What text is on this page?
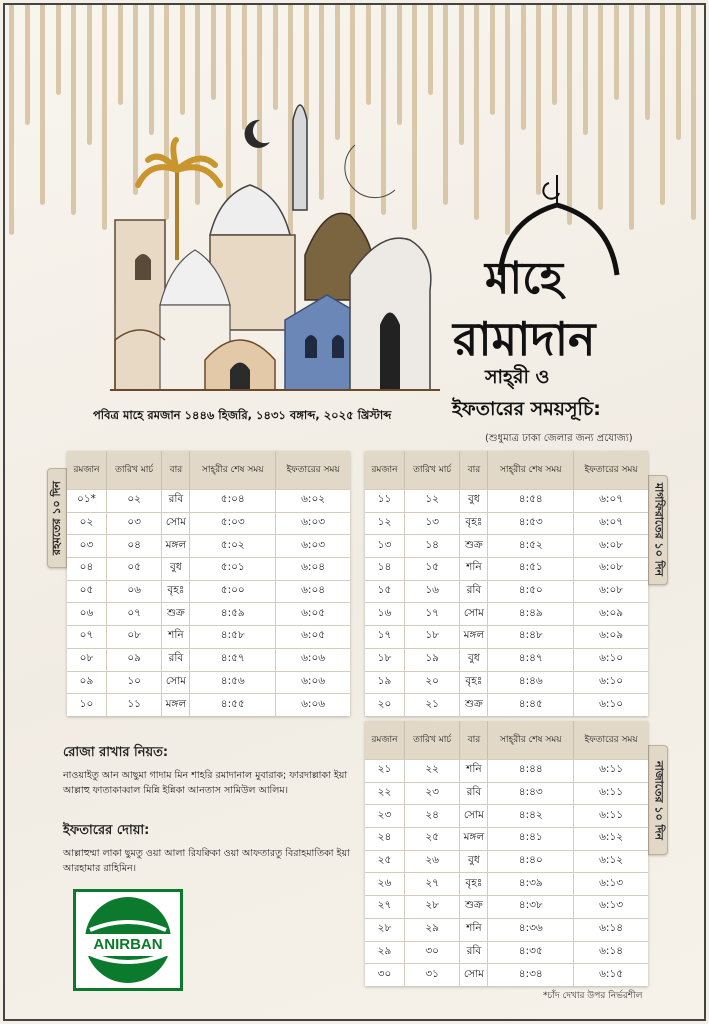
মাহে
রামাদান
সাহ্‌রী ও
ইফতারের সময়সূচি:
(শুধুমাত্র ঢাকা জেলার জন্য প্রযোজ্য)
পবিত্র মাহে রমজান ১৪৪৬ হিজরি, ১৪৩১ বঙ্গাব্দ, ২০২৫ খ্রিস্টাব্দ
রহমতের ১০ দিন	মাগফিরাতের ১০ দিন
নাজাতের ১০ দিন
রমজান	তারিখ মার্চ	বার	সাহ্‌রীর শেষ সময়	ইফতারের সময়
০১*	০২	রবি	৫:০৪	৬:০২
০২	০৩	সোম	৫:০৩	৬:০৩
০৩	০৪	মঙ্গল	৫:০২	৬:০৩
০৪	০৫	বুধ	৫:০১	৬:০৪
০৫	০৬	বৃহঃ	৫:০০	৬:০৪
০৬	০৭	শুক্র	৪:৫৯	৬:০৫
০৭	০৮	শনি	৪:৫৮	৬:০৫
০৮	০৯	রবি	৪:৫৭	৬:০৬
০৯	১০	সোম	৪:৫৬	৬:০৬
১০	১১	মঙ্গল	৪:৫৫	৬:০৬
রমজান	তারিখ মার্চ	বার	সাহ্‌রীর শেষ সময়	ইফতারের সময়
১১	১২	বুধ	৪:৫৪	৬:০৭
১২	১৩	বৃহঃ	৪:৫৩	৬:০৭
১৩	১৪	শুক্র	৪:৫২	৬:০৮
১৪	১৫	শনি	৪:৫১	৬:০৮
১৫	১৬	রবি	৪:৫০	৬:০৮
১৬	১৭	সোম	৪:৪৯	৬:০৯
১৭	১৮	মঙ্গল	৪:৪৮	৬:০৯
১৮	১৯	বুধ	৪:৪৭	৬:১০
১৯	২০	বৃহঃ	৪:৪৬	৬:১০
২০	২১	শুক্র	৪:৪৫	৬:১০
রমজান	তারিখ মার্চ	বার	সাহ্‌রীর শেষ সময়	ইফতারের সময়
২১	২২	শনি	৪:৪৪	৬:১১
২২	২৩	রবি	৪:৪৩	৬:১১
২৩	২৪	সোম	৪:৪২	৬:১১
২৪	২৫	মঙ্গল	৪:৪১	৬:১২
২৫	২৬	বুধ	৪:৪০	৬:১২
২৬	২৭	বৃহঃ	৪:৩৯	৬:১৩
২৭	২৮	শুক্র	৪:৩৮	৬:১৩
২৮	২৯	শনি	৪:৩৬	৬:১৪
২৯	৩০	রবি	৪:৩৫	৬:১৪
৩০	৩১	সোম	৪:৩৪	৬:১৫
রোজা রাখার নিয়ত:

নাওয়াইতু আন আছুমা গাদাম মিন শাহরি রমাদানাল মুবারাক; ফারদাল্লাকা ইয়া আল্লাহু ফাতাকাব্বাল মিন্নি ইন্নিকা আনতাস সামিউল আলিম।

ইফতারের দোয়া:

আল্লাহুম্মা লাকা ছুমতু ওয়া আলা রিযক্বিকা ওয়া আফতারতু বিরাহমাতিকা ইয়া আরহামার রাহিমিন।

ANIRBAN
*চাঁদ দেখার উপর নির্ভরশীল
